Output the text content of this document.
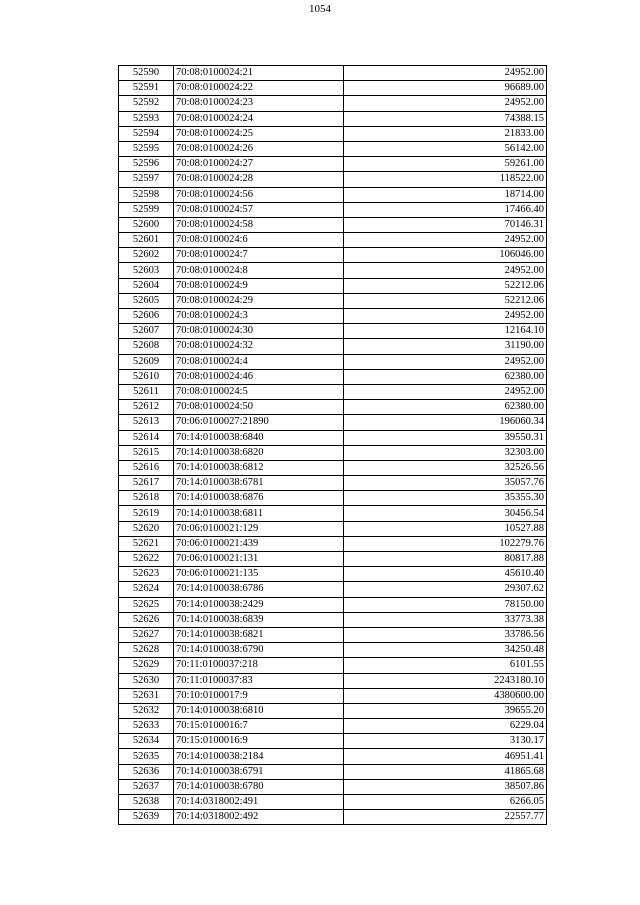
1054
52590	70:08:0100024:21	24952.00
52591	70:08:0100024:22	96689.00
52592	70:08:0100024:23	24952.00
52593	70:08:0100024:24	74388.15
52594	70:08:0100024:25	21833.00
52595	70:08:0100024:26	56142.00
52596	70:08:0100024:27	59261.00
52597	70:08:0100024:28	118522.00
52598	70:08:0100024:56	18714.00
52599	70:08:0100024:57	17466.40
52600	70:08:0100024:58	70146.31
52601	70:08:0100024:6	24952.00
52602	70:08:0100024:7	106046.00
52603	70:08:0100024:8	24952.00
52604	70:08:0100024:9	52212.06
52605	70:08:0100024:29	52212.06
52606	70:08:0100024:3	24952.00
52607	70:08:0100024:30	12164.10
52608	70:08:0100024:32	31190.00
52609	70:08:0100024:4	24952.00
52610	70:08:0100024:46	62380.00
52611	70:08:0100024:5	24952.00
52612	70:08:0100024:50	62380.00
52613	70:06:0100027:21890	196060.34
52614	70:14:0100038:6840	39550.31
52615	70:14:0100038:6820	32303.00
52616	70:14:0100038:6812	32526.56
52617	70:14:0100038:6781	35057.76
52618	70:14:0100038:6876	35355.30
52619	70:14:0100038:6811	30456.54
52620	70:06:0100021:129	10527.88
52621	70:06:0100021:439	102279.76
52622	70:06:0100021:131	80817.88
52623	70:06:0100021:135	45610.40
52624	70:14:0100038:6786	29307.62
52625	70:14:0100038:2429	78150.00
52626	70:14:0100038:6839	33773.38
52627	70:14:0100038:6821	33786.56
52628	70:14:0100038:6790	34250.48
52629	70:11:0100037:218	6101.55
52630	70:11:0100037:83	2243180.10
52631	70:10:0100017:9	4380600.00
52632	70:14:0100038:6810	39655.20
52633	70:15:0100016:7	6229.04
52634	70:15:0100016:9	3130.17
52635	70:14:0100038:2184	46951.41
52636	70:14:0100038:6791	41865.68
52637	70:14:0100038:6780	38507.86
52638	70:14:0318002:491	6266.05
52639	70:14:0318002:492	22557.77
